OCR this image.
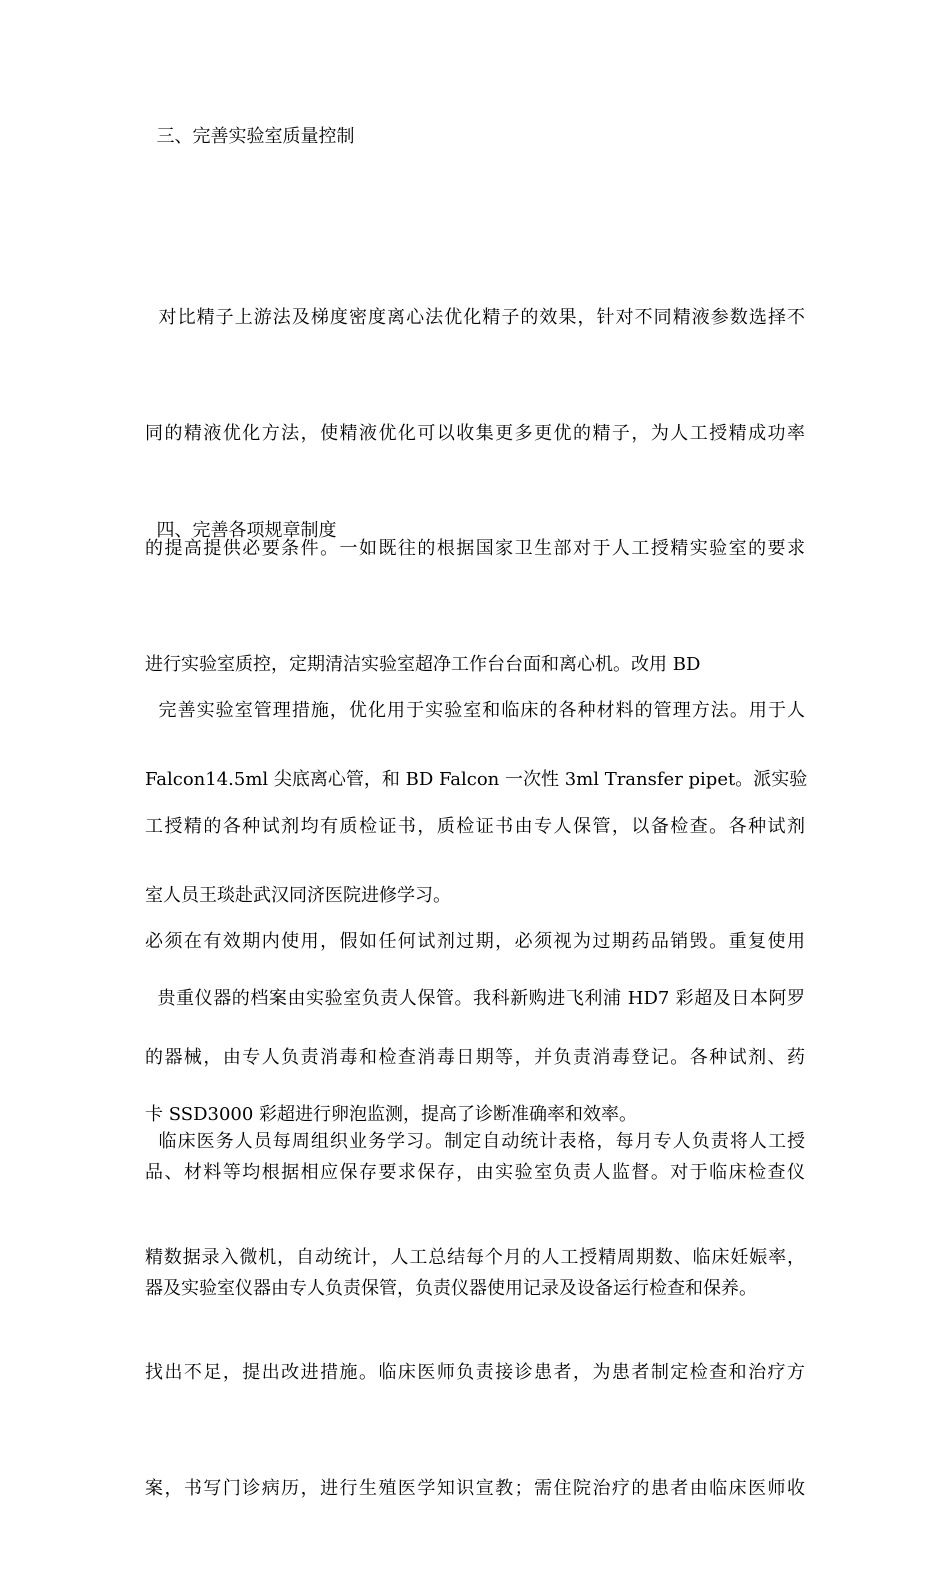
三、完善实验室质量控制

对比精子上游法及梯度密度离心法优化精子的效果，针对不同精液参数选择不

同的精液优化方法，使精液优化可以收集更多更优的精子，为人工授精成功率

的提高提供必要条件。一如既往的根据国家卫生部对于人工授精实验室的要求

进行实验室质控，定期清洁实验室超净工作台台面和离心机。改用 BD

Falcon14.5ml 尖底离心管，和 BD Falcon 一次性 3ml Transfer pipet。派实验

室人员王琰赴武汉同济医院进修学习。

四、完善各项规章制度

完善实验室管理措施，优化用于实验室和临床的各种材料的管理方法。用于人

工授精的各种试剂均有质检证书，质检证书由专人保管，以备检查。各种试剂

必须在有效期内使用，假如任何试剂过期，必须视为过期药品销毁。重复使用

的器械，由专人负责消毒和检查消毒日期等，并负责消毒登记。各种试剂、药

品、材料等均根据相应保存要求保存，由实验室负责人监督。对于临床检查仪

器及实验室仪器由专人负责保管，负责仪器使用记录及设备运行检查和保养。

贵重仪器的档案由实验室负责人保管。我科新购进飞利浦 HD7 彩超及日本阿罗

卡 SSD3000 彩超进行卵泡监测，提高了诊断准确率和效率。

临床医务人员每周组织业务学习。制定自动统计表格，每月专人负责将人工授

精数据录入微机，自动统计，人工总结每个月的人工授精周期数、临床妊娠率，

找出不足，提出改进措施。临床医师负责接诊患者，为患者制定检查和治疗方

案，书写门诊病历，进行生殖医学知识宣教；需住院治疗的患者由临床医师收
